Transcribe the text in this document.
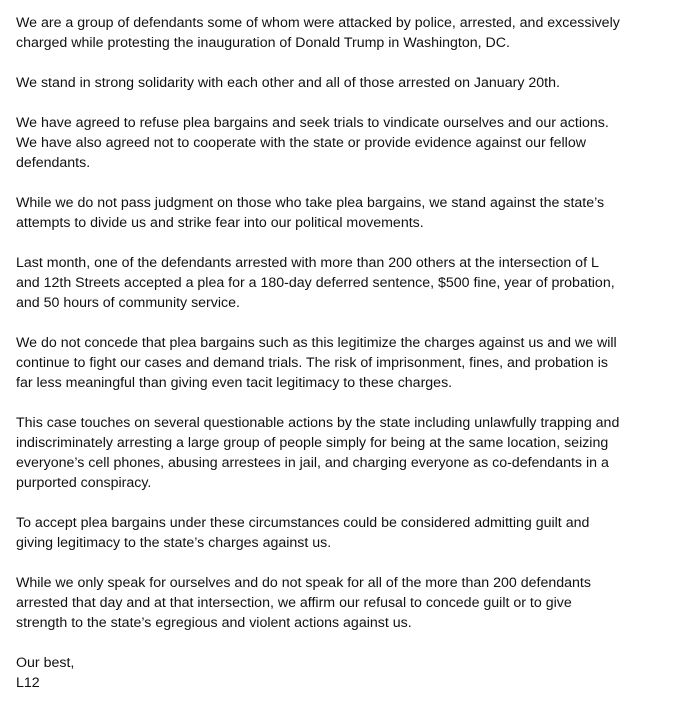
We are a group of defendants some of whom were attacked by police, arrested, and excessively
charged while protesting the inauguration of Donald Trump in Washington, DC.

We stand in strong solidarity with each other and all of those arrested on January 20th.

We have agreed to refuse plea bargains and seek trials to vindicate ourselves and our actions.
We have also agreed not to cooperate with the state or provide evidence against our fellow
defendants.

While we do not pass judgment on those who take plea bargains, we stand against the state’s
attempts to divide us and strike fear into our political movements.

Last month, one of the defendants arrested with more than 200 others at the intersection of L
and 12th Streets accepted a plea for a 180-day deferred sentence, $500 fine, year of probation,
and 50 hours of community service.

We do not concede that plea bargains such as this legitimize the charges against us and we will
continue to fight our cases and demand trials. The risk of imprisonment, fines, and probation is
far less meaningful than giving even tacit legitimacy to these charges.

This case touches on several questionable actions by the state including unlawfully trapping and
indiscriminately arresting a large group of people simply for being at the same location, seizing
everyone’s cell phones, abusing arrestees in jail, and charging everyone as co-defendants in a
purported conspiracy.

To accept plea bargains under these circumstances could be considered admitting guilt and
giving legitimacy to the state’s charges against us.

While we only speak for ourselves and do not speak for all of the more than 200 defendants
arrested that day and at that intersection, we affirm our refusal to concede guilt or to give
strength to the state’s egregious and violent actions against us.

Our best,

L12
